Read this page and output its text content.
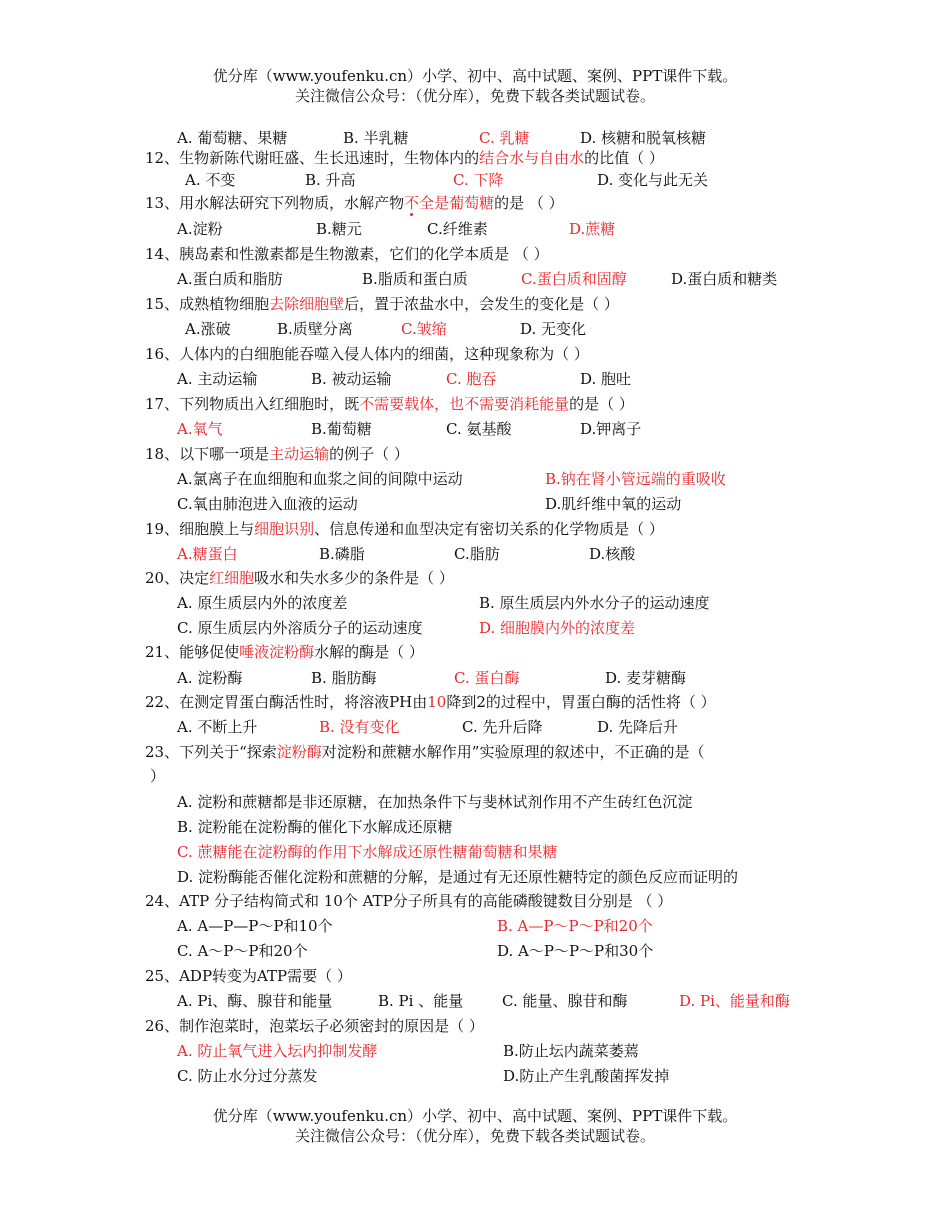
优分库（www.youfenku.cn）小学、初中、高中试题、案例、PPT课件下载。
关注微信公众号：（优分库），免费下载各类试题试卷。
A. 葡萄糖、果糖	B. 半乳糖	C. 乳糖	D. 核糖和脱氧核糖
12、生物新陈代谢旺盛、生长迅速时，生物体内的结合水与自由水的比值（ ）
A. 不变	B. 升高	C. 下降	D. 变化与此无关
13、用水解法研究下列物质，水解产物不全是葡萄糖的是 （ ）
A.淀粉	B.糖元	C.纤维素	D.蔗糖
14、胰岛素和性激素都是生物激素，它们的化学本质是 （ ）
A.蛋白质和脂肪	B.脂质和蛋白质	C.蛋白质和固醇	D.蛋白质和糖类
15、成熟植物细胞去除细胞壁后，置于浓盐水中，会发生的变化是（ ）
A.涨破	B.质壁分离	C.皱缩	D. 无变化
16、人体内的白细胞能吞噬入侵人体内的细菌，这种现象称为（ ）
A. 主动运输	B. 被动运输	C. 胞吞	D. 胞吐
17、下列物质出入红细胞时，既不需要载体，也不需要消耗能量的是（ ）
A.氧气	B.葡萄糖	C. 氨基酸	D.钾离子
18、以下哪一项是主动运输的例子（ ）
A.氯离子在血细胞和血浆之间的间隙中运动	B.钠在肾小管远端的重吸收
C.氧由肺泡进入血液的运动	D.肌纤维中氧的运动
19、细胞膜上与细胞识别、信息传递和血型决定有密切关系的化学物质是（ ）
A.糖蛋白	B.磷脂	C.脂肪	D.核酸
20、决定红细胞吸水和失水多少的条件是（ ）
A. 原生质层内外的浓度差	B. 原生质层内外水分子的运动速度
C. 原生质层内外溶质分子的运动速度	D. 细胞膜内外的浓度差
21、能够促使唾液淀粉酶水解的酶是（ ）
A. 淀粉酶	B. 脂肪酶	C. 蛋白酶	D. 麦芽糖酶
22、在测定胃蛋白酶活性时，将溶液PH由10降到2的过程中，胃蛋白酶的活性将（ ）
A. 不断上升	B. 没有变化	C. 先升后降	D. 先降后升
23、下列关于“探索淀粉酶对淀粉和蔗糖水解作用”实验原理的叙述中，不正确的是（
）
A. 淀粉和蔗糖都是非还原糖，在加热条件下与斐林试剂作用不产生砖红色沉淀
B. 淀粉能在淀粉酶的催化下水解成还原糖
C. 蔗糖能在淀粉酶的作用下水解成还原性糖葡萄糖和果糖
D. 淀粉酶能否催化淀粉和蔗糖的分解，是通过有无还原性糖特定的颜色反应而证明的
24、ATP 分子结构简式和 10个 ATP分子所具有的高能磷酸键数目分别是 （ ）
A. A—P—P～P和10个	B. A—P～P～P和20个
C. A～P～P和20个	D. A～P～P～P和30个
25、ADP转变为ATP需要（ ）
A. Pi、酶、腺苷和能量	B. Pi 、能量	C. 能量、腺苷和酶	D. Pi、能量和酶
26、制作泡菜时，泡菜坛子必须密封的原因是（ ）
A. 防止氧气进入坛内抑制发酵	B.防止坛内蔬菜萎蔫
C. 防止水分过分蒸发	D.防止产生乳酸菌挥发掉
优分库（www.youfenku.cn）小学、初中、高中试题、案例、PPT课件下载。
关注微信公众号：（优分库），免费下载各类试题试卷。
